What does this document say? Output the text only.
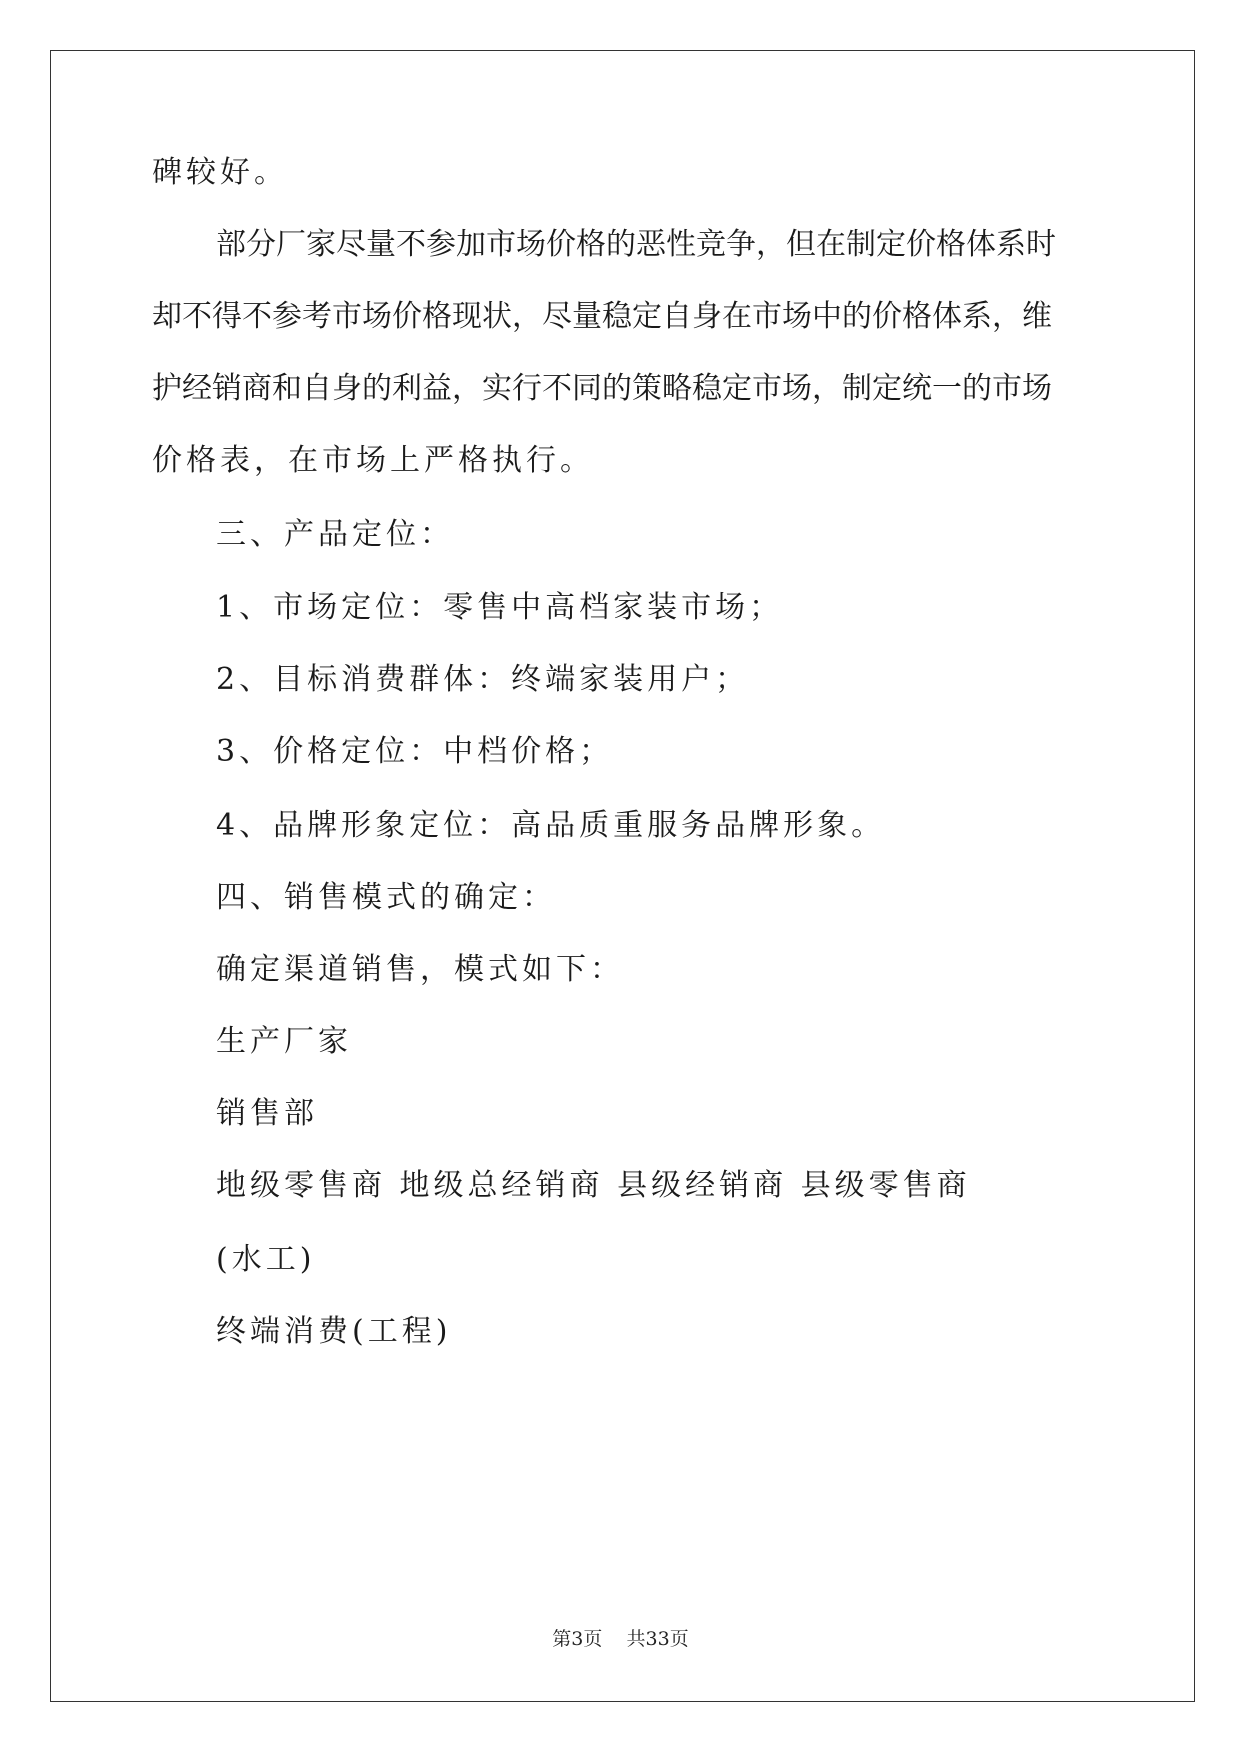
碑较好。
部分厂家尽量不参加市场价格的恶性竞争，但在制定价格体系时
却不得不参考市场价格现状，尽量稳定自身在市场中的价格体系，维
护经销商和自身的利益，实行不同的策略稳定市场，制定统一的市场
价格表，在市场上严格执行。
三、产品定位：
1、市场定位：零售中高档家装市场；
2、目标消费群体：终端家装用户；
3、价格定位：中档价格；
4、品牌形象定位：高品质重服务品牌形象。
四、销售模式的确定：
确定渠道销售，模式如下：
生产厂家
销售部
地级零售商 地级总经销商 县级经销商 县级零售商
(水工)
终端消费(工程)
第3页 共33页
